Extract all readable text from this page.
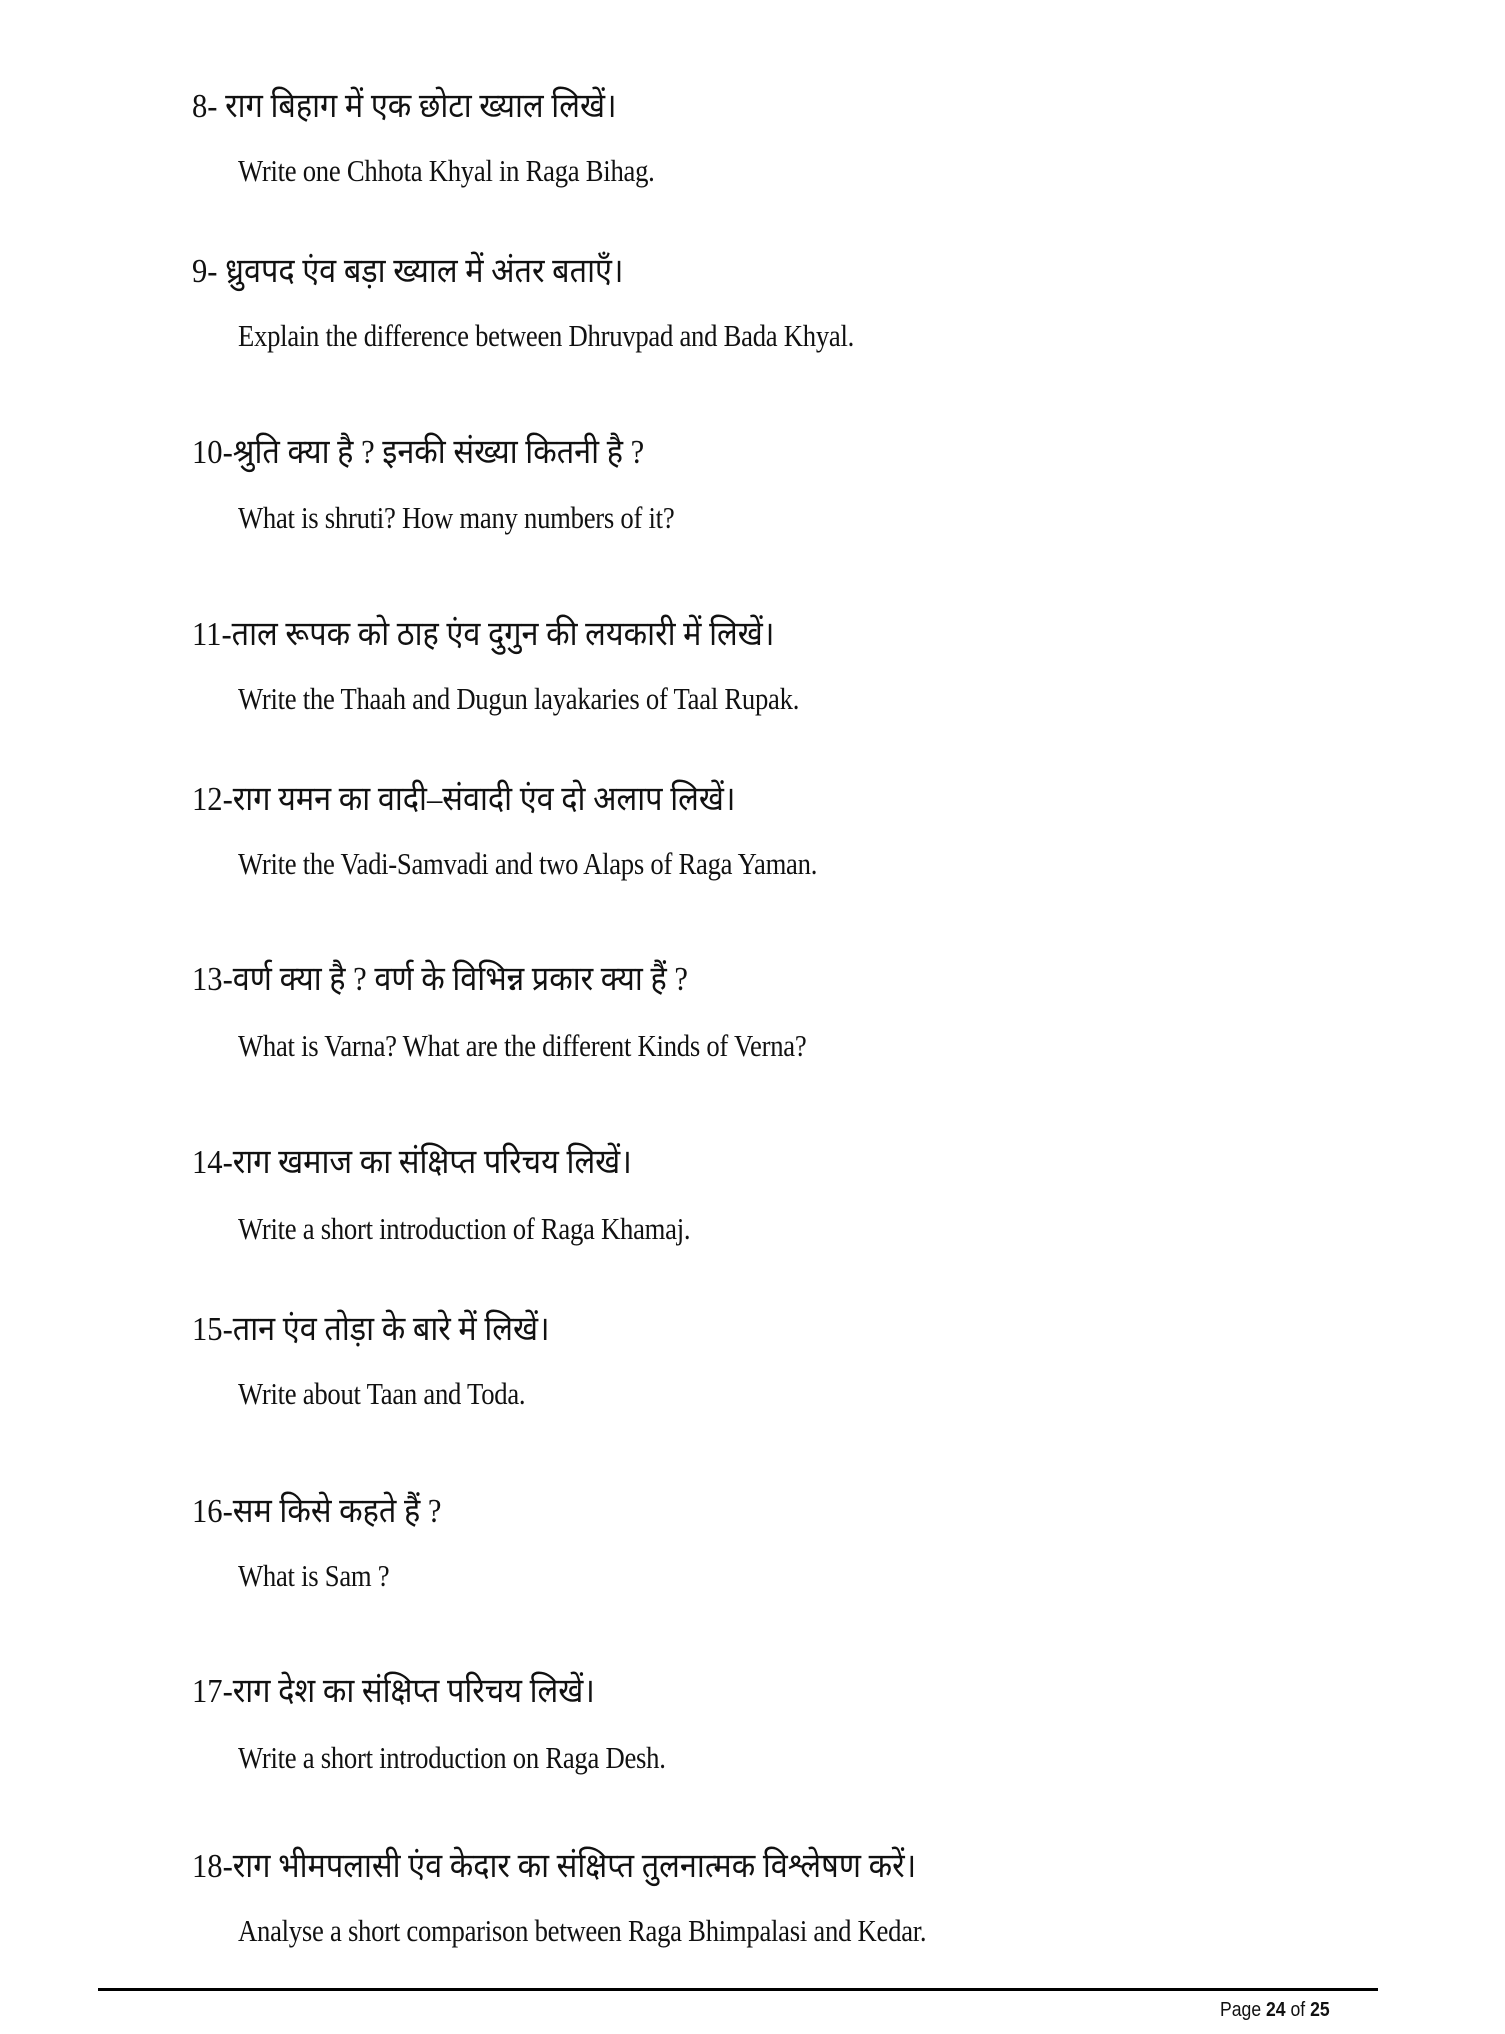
8- राग बिहाग में एक छोटा ख्याल लिखें।
Write one Chhota Khyal in Raga Bihag.
9- ध्रुवपद एंव बड़ा ख्याल में अंतर बताएँ।
Explain the difference between Dhruvpad and Bada Khyal.
10-श्रुति क्या है ? इनकी संख्या कितनी है ?
What is shruti? How many numbers of it?
11-ताल रूपक को ठाह एंव दुगुन की लयकारी में लिखें।
Write the Thaah and Dugun layakaries of Taal Rupak.
12-राग यमन का वादी–संवादी एंव दो अलाप लिखें।
Write the Vadi-Samvadi and two Alaps of Raga Yaman.
13-वर्ण क्या है ? वर्ण के विभिन्न प्रकार क्या हैं ?
What is Varna? What are the different Kinds of Verna?
14-राग खमाज का संक्षिप्त परिचय लिखें।
Write a short introduction of Raga Khamaj.
15-तान एंव तोड़ा के बारे में लिखें।
Write about Taan and Toda.
16-सम किसे कहते हैं ?
What is Sam ?
17-राग देश का संक्षिप्त परिचय लिखें।
Write a short introduction on Raga Desh.
18-राग भीमपलासी एंव केदार का संक्षिप्त तुलनात्मक विश्लेषण करें।
Analyse a short comparison between Raga Bhimpalasi and Kedar.
Page 24 of 25
